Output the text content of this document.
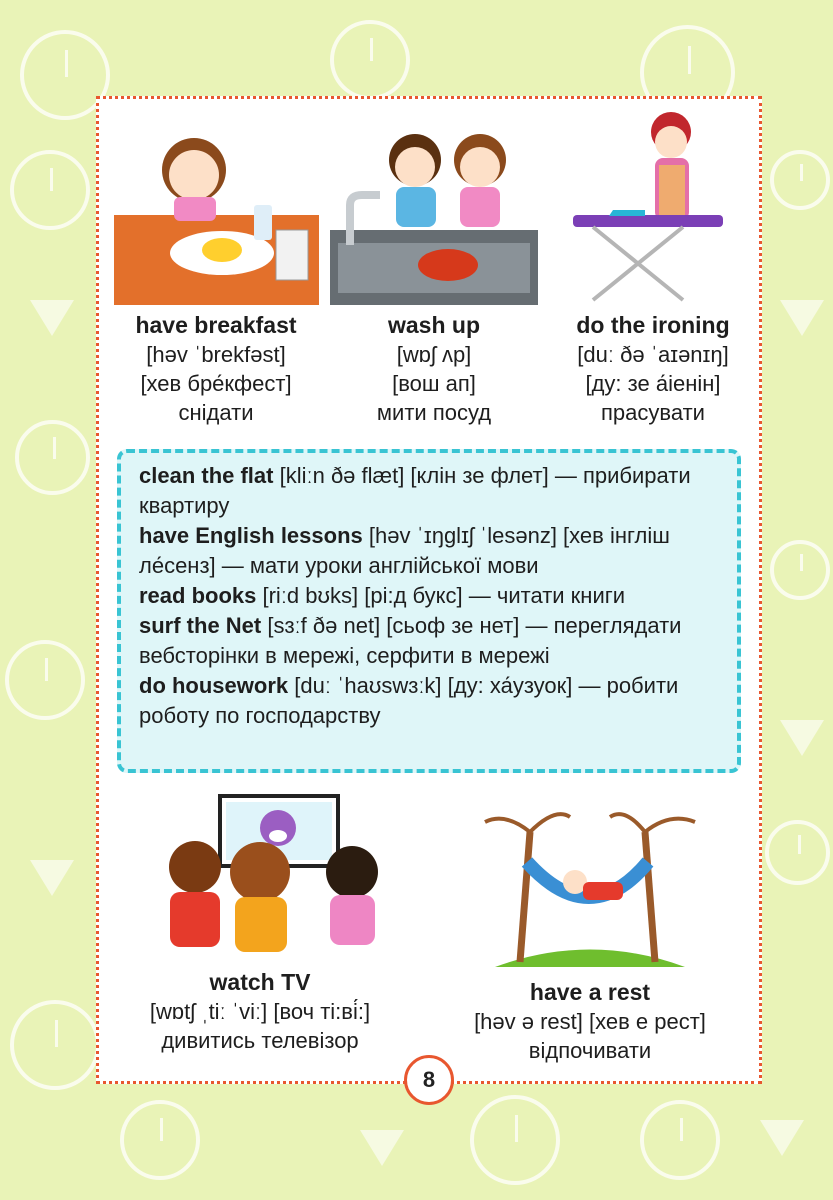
have breakfast
[həv ˈbrekfəst]
[хев бре́кфест]
снідати
wash up
[wɒʃ ʌp]
[вош aп]
мити посуд
do the ironing
[duː ðə ˈaɪənɪŋ]
[ду: зе а́іенін]
прасувати

clean the flat [kliːn ðə flæt] [клін зе флет] — прибирати квартиру

have English lessons [həv ˈɪŋglɪʃ ˈlesənz] [хев інгліш ле́сенз] — мати уроки англійської мови

read books [riːd bʊks] [рі:д букс] — читати книги

surf the Net [sɜːf ðə net] [сьоф зе нет] — переглядати вебсторінки в мережі, серфити в мережі

do housework [duː ˈhaʊswɜːk] [ду: ха́узуок] — робити роботу по господарству

watch TV
[wɒtʃ ˌtiː ˈviː] [воч ті:ві́:]
дивитись телевізор
have a rest
[həv ə rest] [хев е рест]
відпочивати
8
